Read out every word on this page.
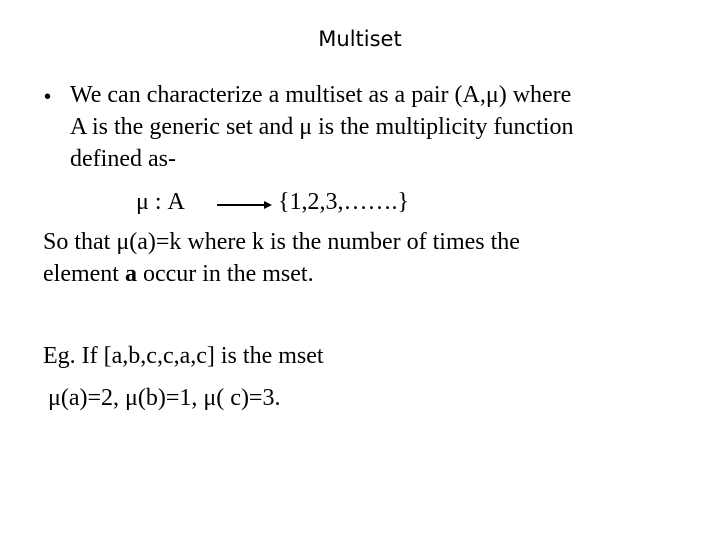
Multiset
• We can characterize a multiset as a pair (A,μ) where
A is the generic set and μ is the multiplicity function
defined as-
μ : A	{1,2,3,…….}
So that μ(a)=k where k is the number of times the
element a occur in the mset.
Eg. If [a,b,c,c,a,c] is the mset
μ(a)=2, μ(b)=1, μ( c)=3.
